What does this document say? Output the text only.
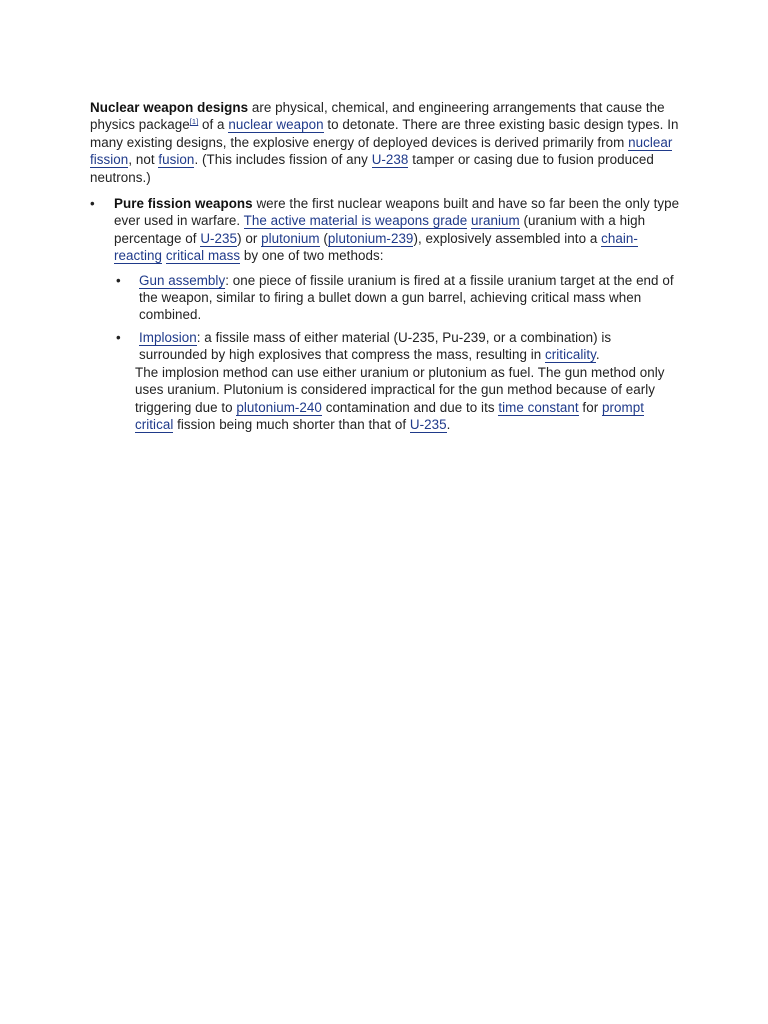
Nuclear weapon designs are physical, chemical, and engineering arrangements that cause the physics package[1] of a nuclear weapon to detonate. There are three existing basic design types. In many existing designs, the explosive energy of deployed devices is derived primarily from nuclear fission, not fusion. (This includes fission of any U-238 tamper or casing due to fusion produced neutrons.)

•	Pure fission weapons were the first nuclear weapons built and have so far been the only type ever used in warfare. The active material is weapons grade uranium (uranium with a high percentage of U-235) or plutonium (plutonium-239), explosively assembled into a chain-reacting critical mass by one of two methods:
•	Gun assembly: one piece of fissile uranium is fired at a fissile uranium target at the end of the weapon, similar to firing a bullet down a gun barrel, achieving critical mass when combined.
•	Implosion: a fissile mass of either material (U-235, Pu-239, or a combination) is surrounded by high explosives that compress the mass, resulting in criticality.

The implosion method can use either uranium or plutonium as fuel. The gun method only uses uranium. Plutonium is considered impractical for the gun method because of early triggering due to plutonium-240 contamination and due to its time constant for prompt critical fission being much shorter than that of U-235.
